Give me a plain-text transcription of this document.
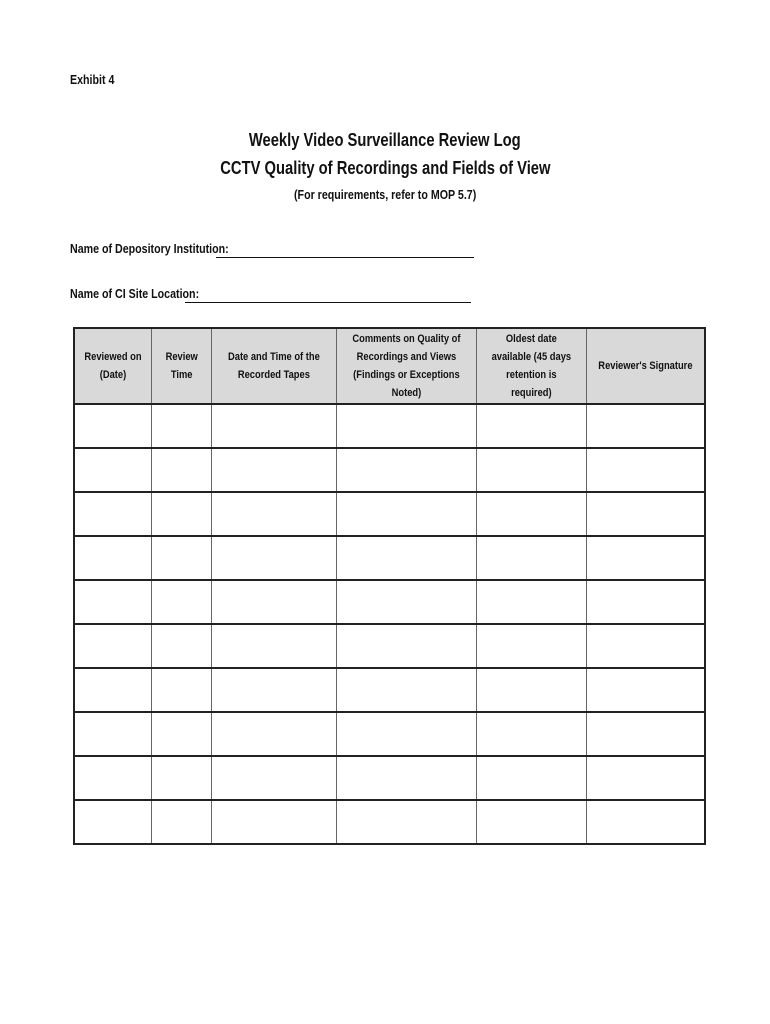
Exhibit 4
Weekly Video Surveillance Review Log
CCTV Quality of Recordings and Fields of View
(For requirements, refer to MOP 5.7)
Name of Depository Institution:
Name of CI Site Location:
Reviewed on (Date)	Review Time	Date and Time of the Recorded Tapes	Comments on Quality of Recordings and Views (Findings or Exceptions Noted)	Oldest date available (45 days retention is required)	Reviewer's Signature
